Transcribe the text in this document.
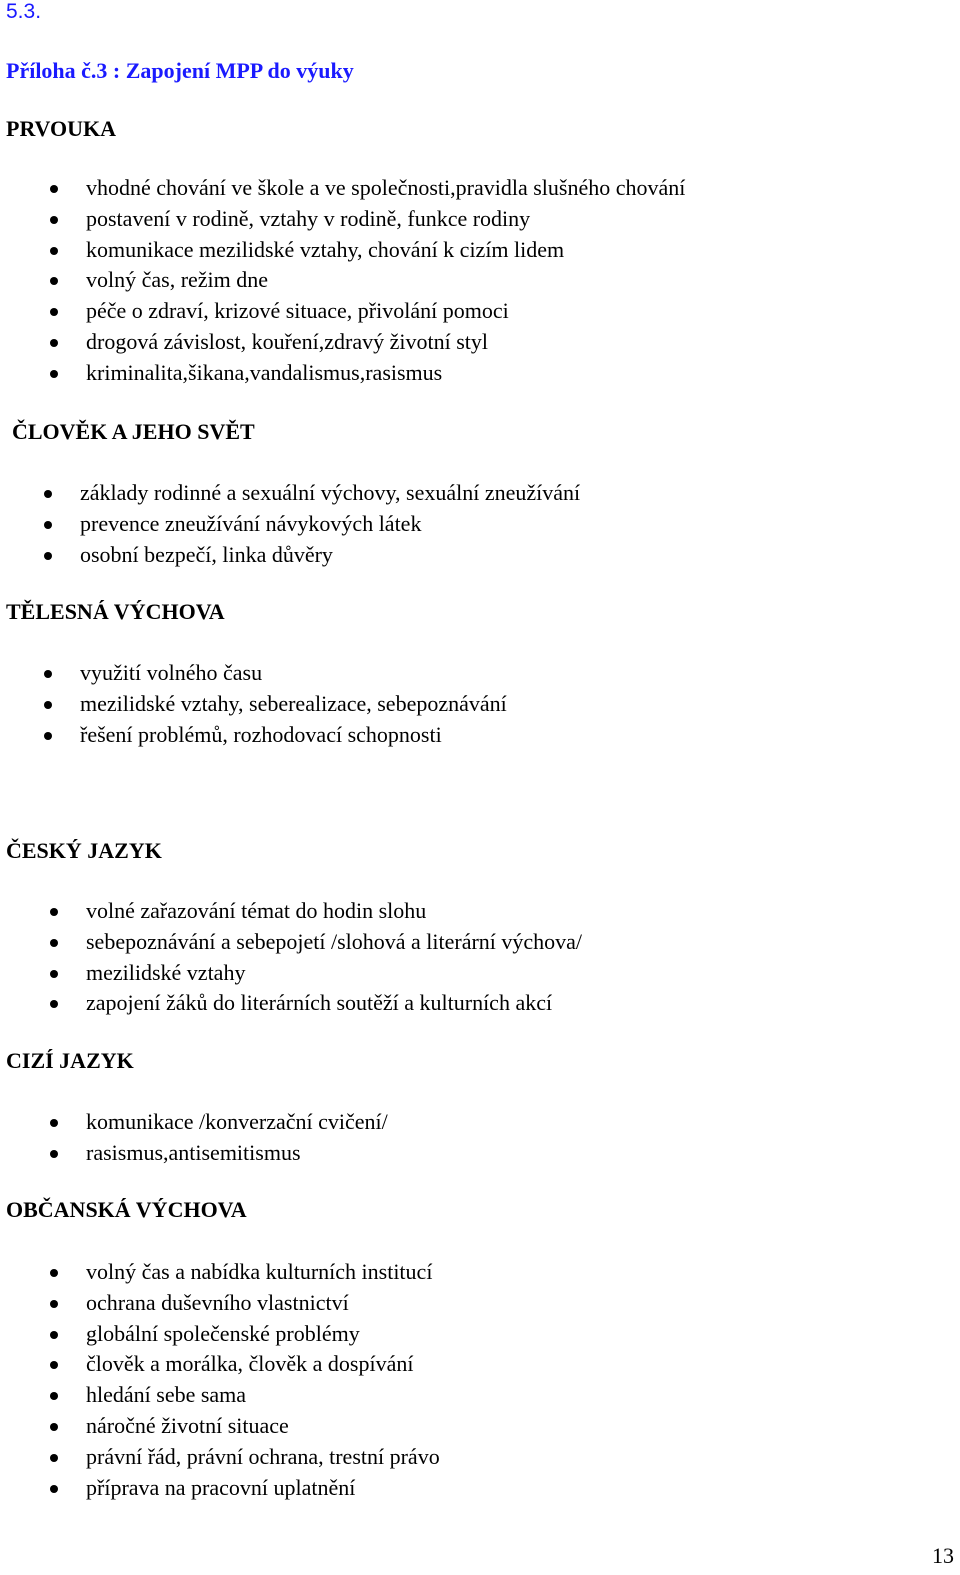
5.3.
Příloha č.3 : Zapojení MPP do výuky
PRVOUKA
vhodné chování ve škole a ve společnosti,pravidla slušného chování
postavení v rodině, vztahy v rodině, funkce rodiny
komunikace mezilidské vztahy, chování k cizím lidem
volný čas, režim dne
péče o zdraví, krizové situace, přivolání pomoci
drogová závislost, kouření,zdravý životní styl
kriminalita,šikana,vandalismus,rasismus
ČLOVĚK A JEHO SVĚT
základy rodinné a sexuální výchovy, sexuální zneužívání
prevence zneužívání návykových látek
osobní bezpečí, linka důvěry
TĚLESNÁ VÝCHOVA
využití volného času
mezilidské vztahy, seberealizace, sebepoznávání
řešení problémů, rozhodovací schopnosti
ČESKÝ JAZYK
volné zařazování témat do hodin slohu
sebepoznávání a sebepojetí /slohová a literární výchova/
mezilidské vztahy
zapojení žáků do literárních soutěží a kulturních akcí
CIZÍ JAZYK
komunikace /konverzační cvičení/
rasismus,antisemitismus
OBČANSKÁ VÝCHOVA
volný čas a nabídka kulturních institucí
ochrana duševního vlastnictví
globální společenské problémy
člověk a morálka, člověk a dospívání
hledání sebe sama
náročné životní situace
právní řád, právní ochrana, trestní právo
příprava na pracovní uplatnění
13
